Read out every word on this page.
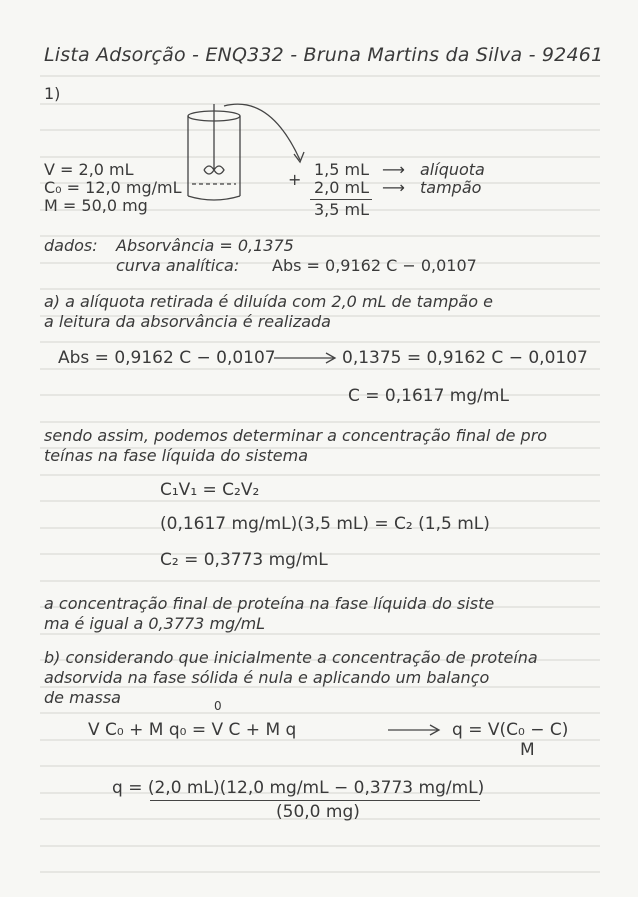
Lista Adsorção - ENQ332 - Bruna Martins da Silva - 92461
1)
V = 2,0 mL
C₀ = 12,0 mg/mL
M = 50,0 mg
+
1,5 mL
2,0 mL
3,5 mL
⟶ alíquota
⟶ tampão
dados: Absorvância = 0,1375
curva analítica: Abs = 0,9162 C − 0,0107
a) a alíquota retirada é diluída com 2,0 mL de tampão e
a leitura da absorvância é realizada
Abs = 0,9162 C − 0,0107	0,1375 = 0,9162 C − 0,0107
C = 0,1617 mg/mL
sendo assim, podemos determinar a concentração final de pro
teínas na fase líquida do sistema
C₁V₁ = C₂V₂
(0,1617 mg/mL)(3,5 mL) = C₂ (1,5 mL)
C₂ = 0,3773 mg/mL
a concentração final de proteína na fase líquida do siste
ma é igual a 0,3773 mg/mL
b) considerando que inicialmente a concentração de proteína
adsorvida na fase sólida é nula e aplicando um balanço
de massa	0
V C₀ + M q₀ = V C + M q	q = V(C₀ − C)
M
q = (2,0 mL)(12,0 mg/mL − 0,3773 mg/mL)
(50,0 mg)
